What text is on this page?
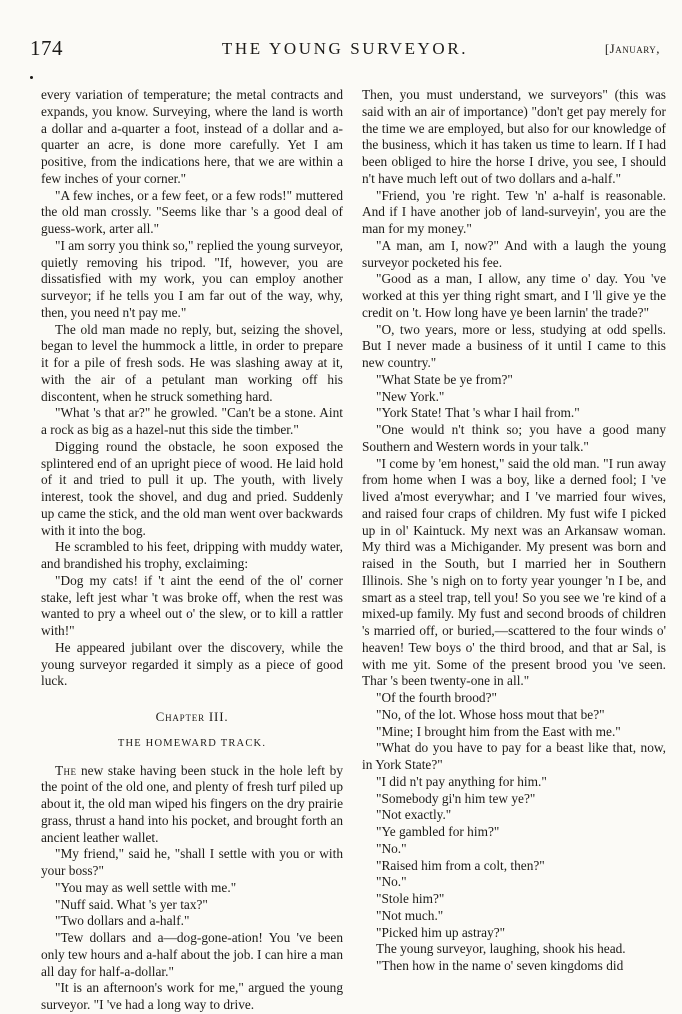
174	THE YOUNG SURVEYOR.	[January,

every variation of temperature; the metal contracts and expands, you know. Surveying, where the land is worth a dollar and a-quarter a foot, instead of a dollar and a-quarter an acre, is done more carefully. Yet I am positive, from the indications here, that we are within a few inches of your corner."

"A few inches, or a few feet, or a few rods!" muttered the old man crossly. "Seems like thar 's a good deal of guess-work, arter all."

"I am sorry you think so," replied the young surveyor, quietly removing his tripod. "If, however, you are dissatisfied with my work, you can employ another surveyor; if he tells you I am far out of the way, why, then, you need n't pay me."

The old man made no reply, but, seizing the shovel, began to level the hummock a little, in order to prepare it for a pile of fresh sods. He was slashing away at it, with the air of a petulant man working off his discontent, when he struck something hard.

"What 's that ar?" he growled. "Can't be a stone. Aint a rock as big as a hazel-nut this side the timber."

Digging round the obstacle, he soon exposed the splintered end of an upright piece of wood. He laid hold of it and tried to pull it up. The youth, with lively interest, took the shovel, and dug and pried. Suddenly up came the stick, and the old man went over backwards with it into the bog.

He scrambled to his feet, dripping with muddy water, and brandished his trophy, exclaiming:

"Dog my cats! if 't aint the eend of the ol' corner stake, left jest whar 't was broke off, when the rest was wanted to pry a wheel out o' the slew, or to kill a rattler with!"

He appeared jubilant over the discovery, while the young surveyor regarded it simply as a piece of good luck.

Chapter III.

THE HOMEWARD TRACK.

The new stake having been stuck in the hole left by the point of the old one, and plenty of fresh turf piled up about it, the old man wiped his fingers on the dry prairie grass, thrust a hand into his pocket, and brought forth an ancient leather wallet.

"My friend," said he, "shall I settle with you or with your boss?"

"You may as well settle with me."

"Nuff said. What 's yer tax?"

"Two dollars and a-half."

"Tew dollars and a—dog-gone-ation! You 've been only tew hours and a-half about the job. I can hire a man all day for half-a-dollar."

"It is an afternoon's work for me," argued the young surveyor. "I 've had a long way to drive.

Then, you must understand, we surveyors" (this was said with an air of importance) "don't get pay merely for the time we are employed, but also for our knowledge of the business, which it has taken us time to learn. If I had been obliged to hire the horse I drive, you see, I should n't have much left out of two dollars and a-half."

"Friend, you 're right. Tew 'n' a-half is reasonable. And if I have another job of land-surveyin', you are the man for my money."

"A man, am I, now?" And with a laugh the young surveyor pocketed his fee.

"Good as a man, I allow, any time o' day. You 've worked at this yer thing right smart, and I 'll give ye the credit on 't. How long have ye been larnin' the trade?"

"O, two years, more or less, studying at odd spells. But I never made a business of it until I came to this new country."

"What State be ye from?"

"New York."

"York State! That 's whar I hail from."

"One would n't think so; you have a good many Southern and Western words in your talk."

"I come by 'em honest," said the old man. "I run away from home when I was a boy, like a derned fool; I 've lived a'most everywhar; and I 've married four wives, and raised four craps of children. My fust wife I picked up in ol' Kaintuck. My next was an Arkansaw woman. My third was a Michigander. My present was born and raised in the South, but I married her in Southern Illinois. She 's nigh on to forty year younger 'n I be, and smart as a steel trap, tell you! So you see we 're kind of a mixed-up family. My fust and second broods of children 's married off, or buried,—scattered to the four winds o' heaven! Tew boys o' the third brood, and that ar Sal, is with me yit. Some of the present brood you 've seen. Thar 's been twenty-one in all."

"Of the fourth brood?"

"No, of the lot. Whose hoss mout that be?"

"Mine; I brought him from the East with me."

"What do you have to pay for a beast like that, now, in York State?"

"I did n't pay anything for him."

"Somebody gi'n him tew ye?"

"Not exactly."

"Ye gambled for him?"

"No."

"Raised him from a colt, then?"

"No."

"Stole him?"

"Not much."

"Picked him up astray?"

The young surveyor, laughing, shook his head.

"Then how in the name o' seven kingdoms did
